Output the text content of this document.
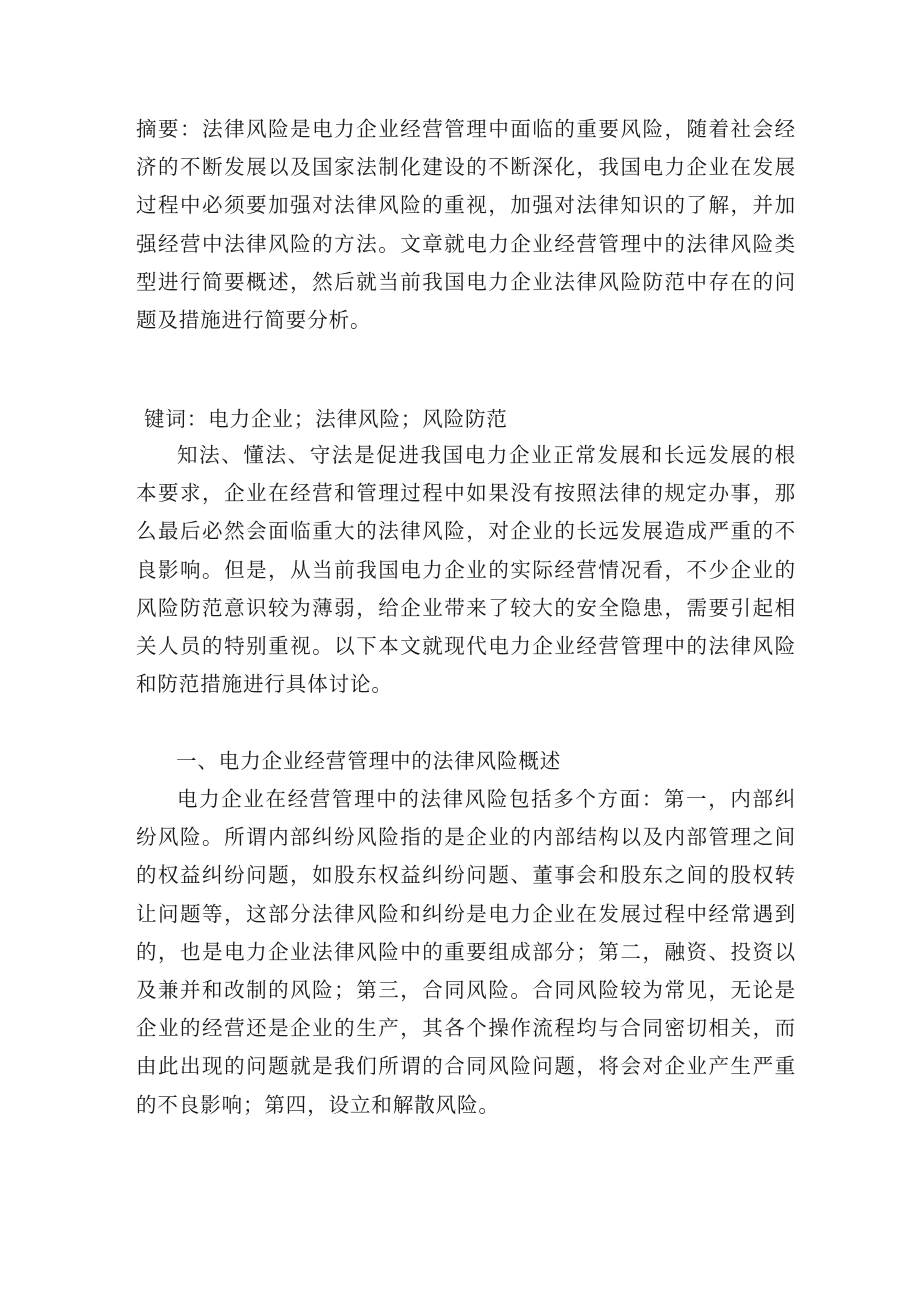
摘要：法律风险是电力企业经营管理中面临的重要风险，随着社会经济的不断发展以及国家法制化建设的不断深化，我国电力企业在发展过程中必须要加强对法律风险的重视，加强对法律知识的了解，并加强经营中法律风险的方法。文章就电力企业经营管理中的法律风险类型进行简要概述，然后就当前我国电力企业法律风险防范中存在的问题及措施进行简要分析。

键词：电力企业；法律风险；风险防范

知法、懂法、守法是促进我国电力企业正常发展和长远发展的根本要求，企业在经营和管理过程中如果没有按照法律的规定办事，那么最后必然会面临重大的法律风险，对企业的长远发展造成严重的不良影响。但是，从当前我国电力企业的实际经营情况看，不少企业的风险防范意识较为薄弱，给企业带来了较大的安全隐患，需要引起相关人员的特别重视。以下本文就现代电力企业经营管理中的法律风险和防范措施进行具体讨论。

一、电力企业经营管理中的法律风险概述

电力企业在经营管理中的法律风险包括多个方面：第一，内部纠纷风险。所谓内部纠纷风险指的是企业的内部结构以及内部管理之间的权益纠纷问题，如股东权益纠纷问题、董事会和股东之间的股权转让问题等，这部分法律风险和纠纷是电力企业在发展过程中经常遇到的，也是电力企业法律风险中的重要组成部分；第二，融资、投资以及兼并和改制的风险；第三，合同风险。合同风险较为常见，无论是企业的经营还是企业的生产，其各个操作流程均与合同密切相关，而由此出现的问题就是我们所谓的合同风险问题，将会对企业产生严重的不良影响；第四，设立和解散风险。
